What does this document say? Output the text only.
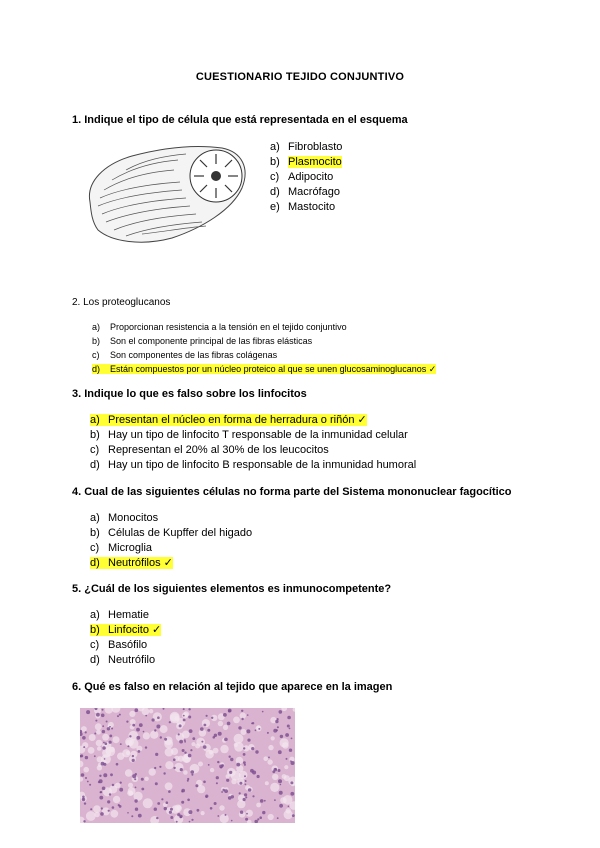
CUESTIONARIO TEJIDO CONJUNTIVO
1. Indique el tipo de célula que está representada en el esquema
a) Fibroblasto
b) Plasmocito
c) Adipocito
d) Macrófago
e) Mastocito
2. Los proteoglucanos
a) Proporcionan resistencia a la tensión en el tejido conjuntivo
b) Son el componente principal de las fibras elásticas
c) Son componentes de las fibras colágenas
d) Están compuestos por un núcleo proteico al que se unen glucosaminoglucanos ✓
3. Indique lo que es falso sobre los linfocitos
a) Presentan el núcleo en forma de herradura o riñón ✓
b) Hay un tipo de linfocito T responsable de la inmunidad celular
c) Representan el 20% al 30% de los leucocitos
d) Hay un tipo de linfocito B responsable de la inmunidad humoral
4. Cual de las siguientes células no forma parte del Sistema mononuclear fagocítico
a) Monocitos
b) Células de Kupffer del higado
c) Microglia
d) Neutrófilos ✓
5. ¿Cuál de los siguientes elementos es inmunocompetente?
a) Hematie
b) Linfocito ✓
c) Basófilo
d) Neutrófilo
6. Qué es falso en relación al tejido que aparece en la imagen
